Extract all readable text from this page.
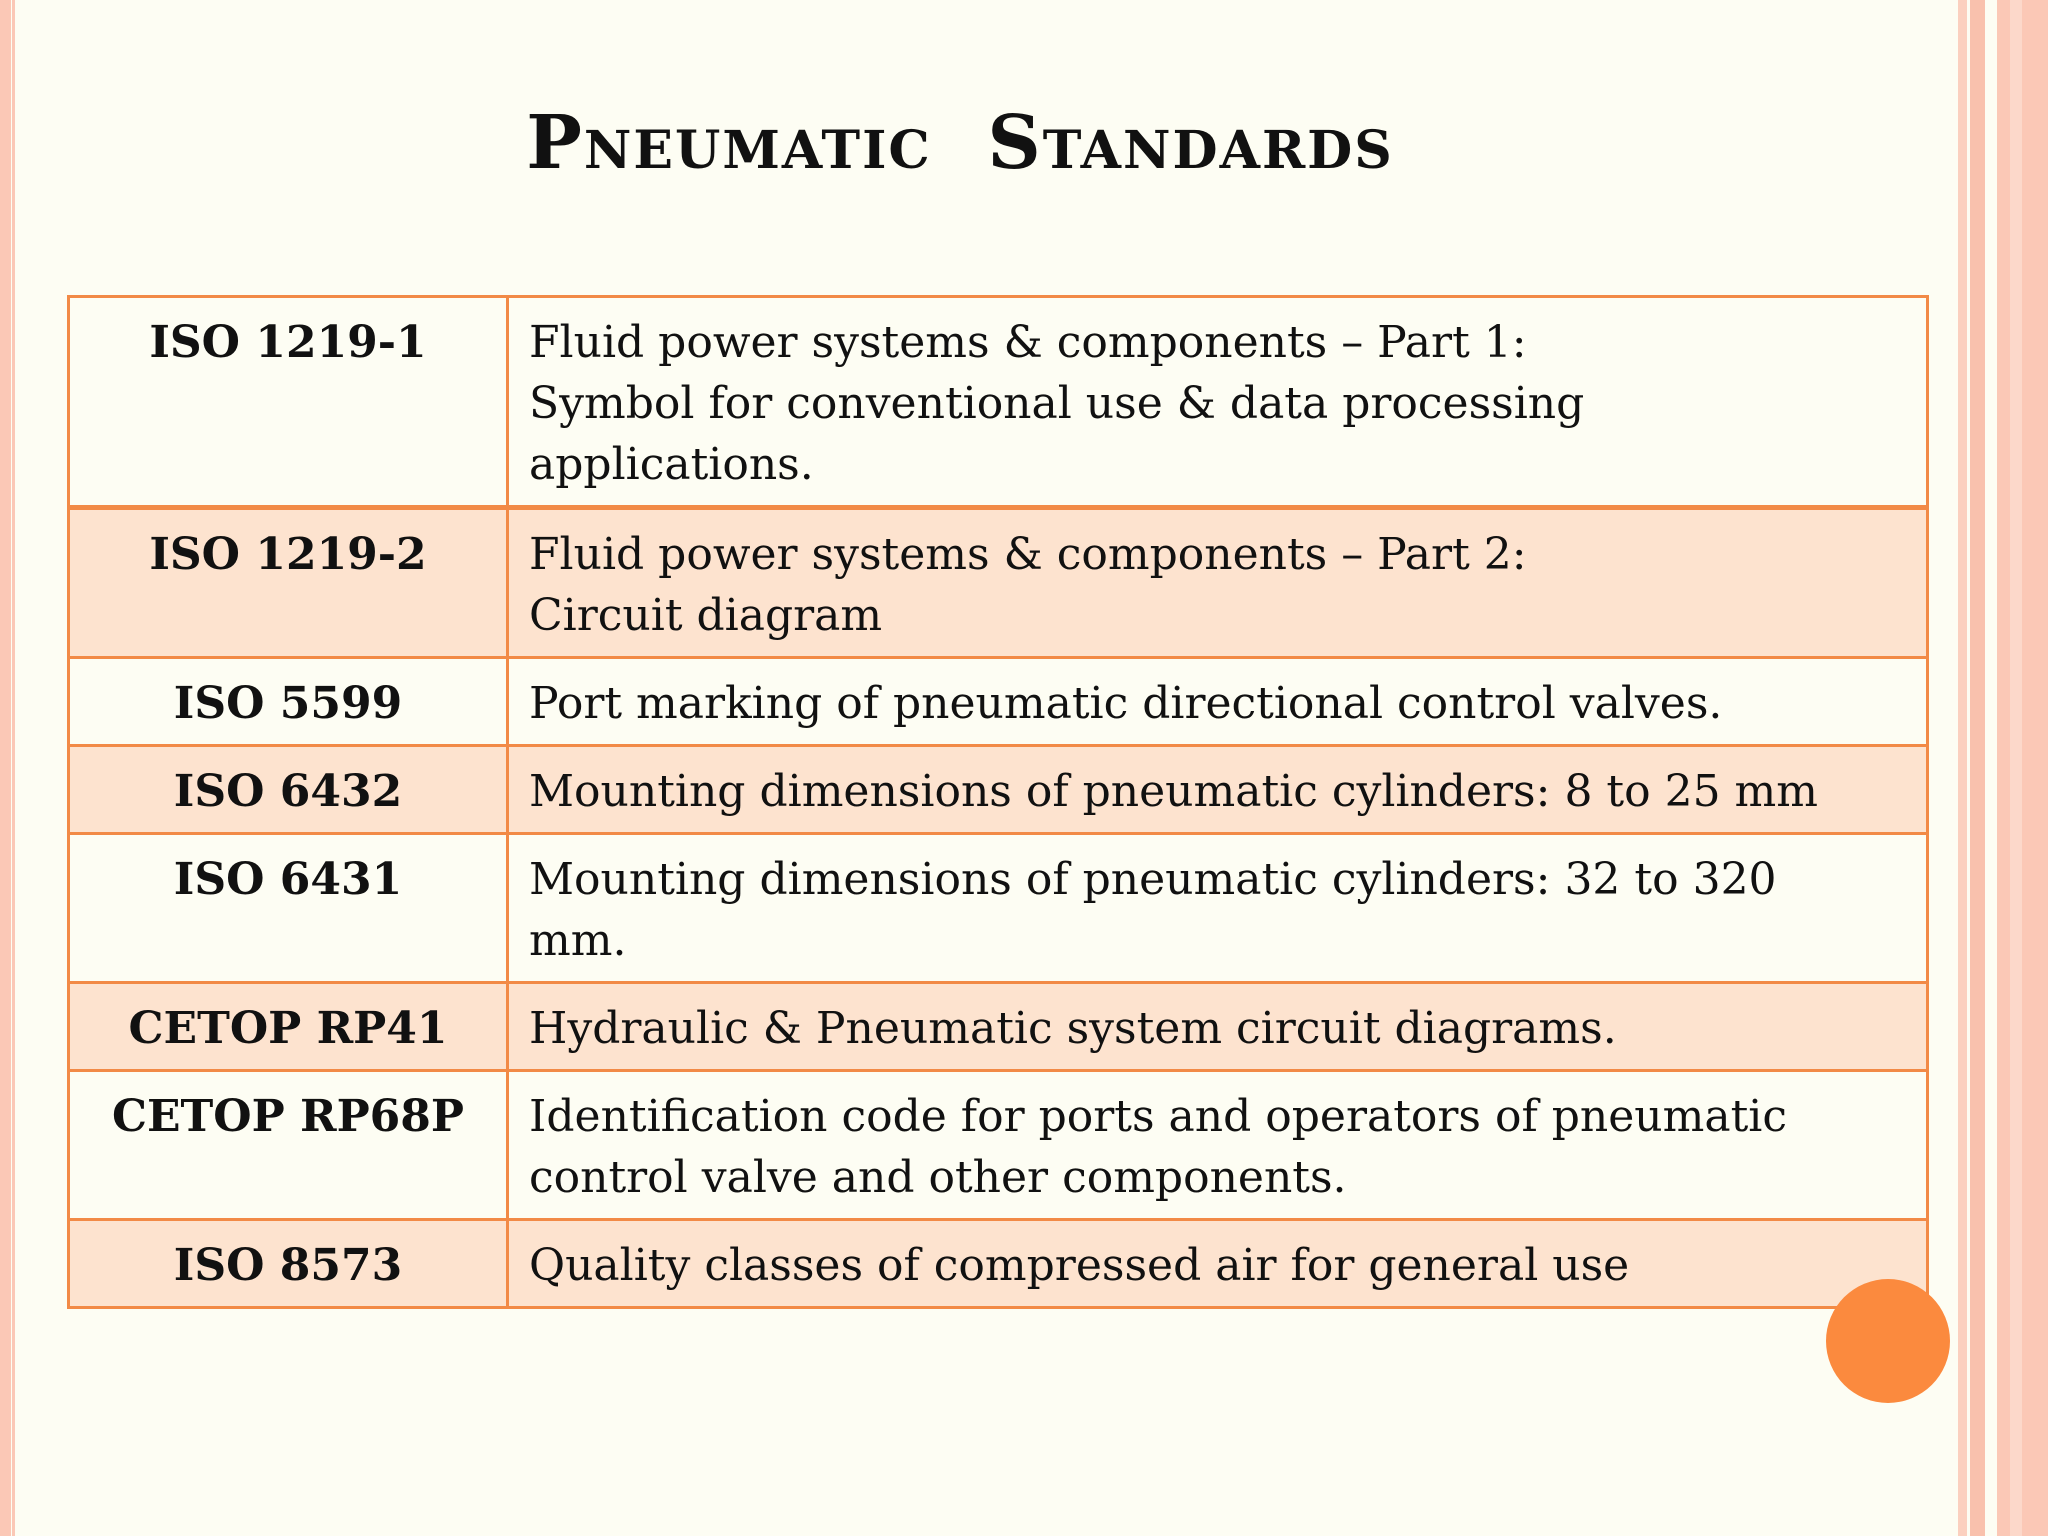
Pneumatic  Standards
ISO 1219-1	Fluid power systems & components – Part 1:
Symbol for conventional use & data processing
applications.
ISO 1219-2	Fluid power systems & components – Part 2:
Circuit diagram
ISO 5599	Port marking of pneumatic directional control valves.
ISO 6432	Mounting dimensions of pneumatic cylinders: 8 to 25 mm
ISO 6431	Mounting dimensions of pneumatic cylinders: 32 to 320
mm.
CETOP RP41	Hydraulic & Pneumatic system circuit diagrams.
CETOP RP68P	Identification code for ports and operators of pneumatic
control valve and other components.
ISO 8573	Quality classes of compressed air for general use
